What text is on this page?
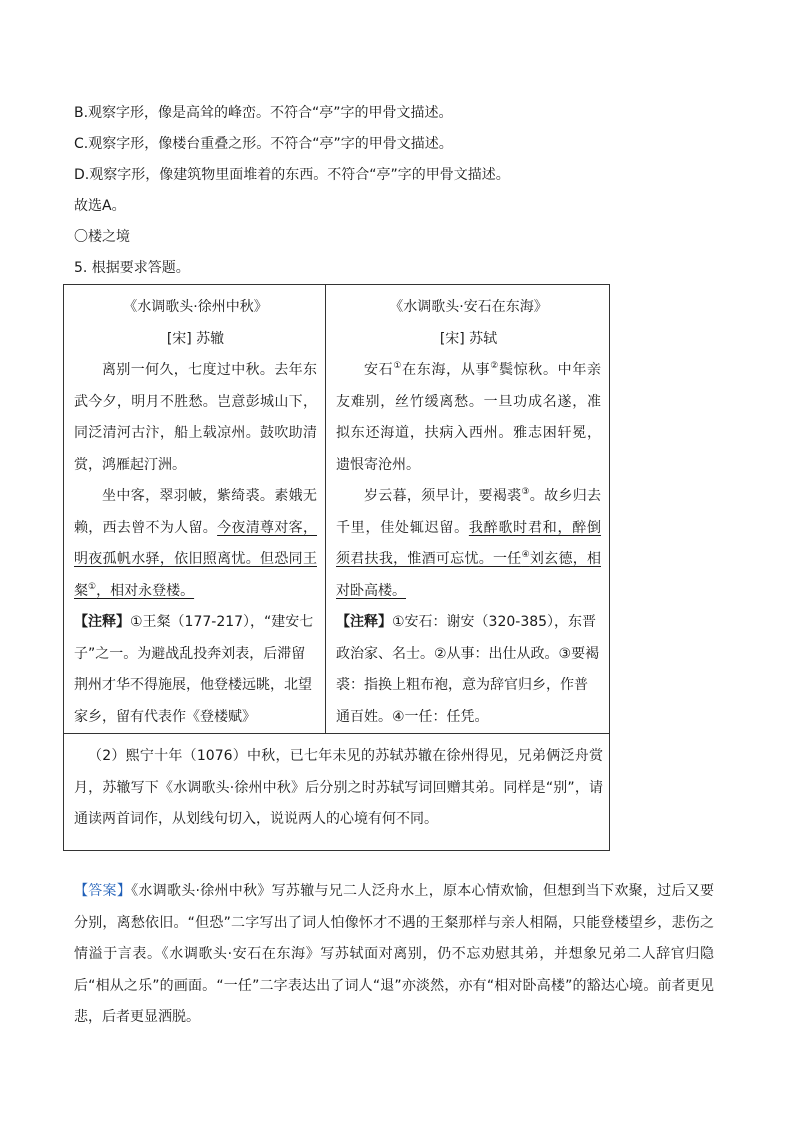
B.观察字形，像是高耸的峰峦。不符合“亭”字的甲骨文描述。
C.观察字形，像楼台重叠之形。不符合“亭”字的甲骨文描述。
D.观察字形，像建筑物里面堆着的东西。不符合“亭”字的甲骨文描述。
故选A。
〇楼之境
5. 根据要求答题。
《水调歌头·徐州中秋》
[宋] 苏辙
离别一何久，七度过中秋。去年东武今夕，明月不胜愁。岂意彭城山下，同泛清河古汴，船上载凉州。鼓吹助清赏，鸿雁起汀洲。
坐中客，翠羽帔，紫绮裘。素娥无赖，西去曾不为人留。今夜清尊对客，明夜孤帆水驿，依旧照离忧。但恐同王粲①，相对永登楼。
【注释】①王粲（177-217），“建安七子”之一。为避战乱投奔刘表，后滞留荆州才华不得施展，他登楼远眺，北望家乡，留有代表作《登楼赋》

《水调歌头·安石在东海》
[宋] 苏轼
安石①在东海，从事②鬓惊秋。中年亲友难别，丝竹缓离愁。一旦功成名遂，准拟东还海道，扶病入西州。雅志困轩冕，遗恨寄沧州。
岁云暮，须早计，要褐裘③。故乡归去千里，佳处辄迟留。我醉歌时君和，醉倒须君扶我，惟酒可忘忧。一任④刘玄德，相对卧高楼。
【注释】①安石：谢安（320-385），东晋政治家、名士。②从事：出仕从政。③要褐裘：指换上粗布袍，意为辞官归乡，作普通百姓。④一任：任凭。

（2）熙宁十年（1076）中秋，已七年未见的苏轼苏辙在徐州得见，兄弟俩泛舟赏月，苏辙写下《水调歌头·徐州中秋》后分别之时苏轼写词回赠其弟。同样是“别”，请通读两首词作，从划线句切入，说说两人的心境有何不同。
【答案】《水调歌头·徐州中秋》写苏辙与兄二人泛舟水上，原本心情欢愉，但想到当下欢聚，过后又要分别，离愁依旧。“但恐”二字写出了词人怕像怀才不遇的王粲那样与亲人相隔，只能登楼望乡，悲伤之情溢于言表。《水调歌头·安石在东海》写苏轼面对离别，仍不忘劝慰其弟，并想象兄弟二人辞官归隐后“相从之乐”的画面。“一任”二字表达出了词人“退”亦淡然，亦有“相对卧高楼”的豁达心境。前者更见悲，后者更显洒脱。
